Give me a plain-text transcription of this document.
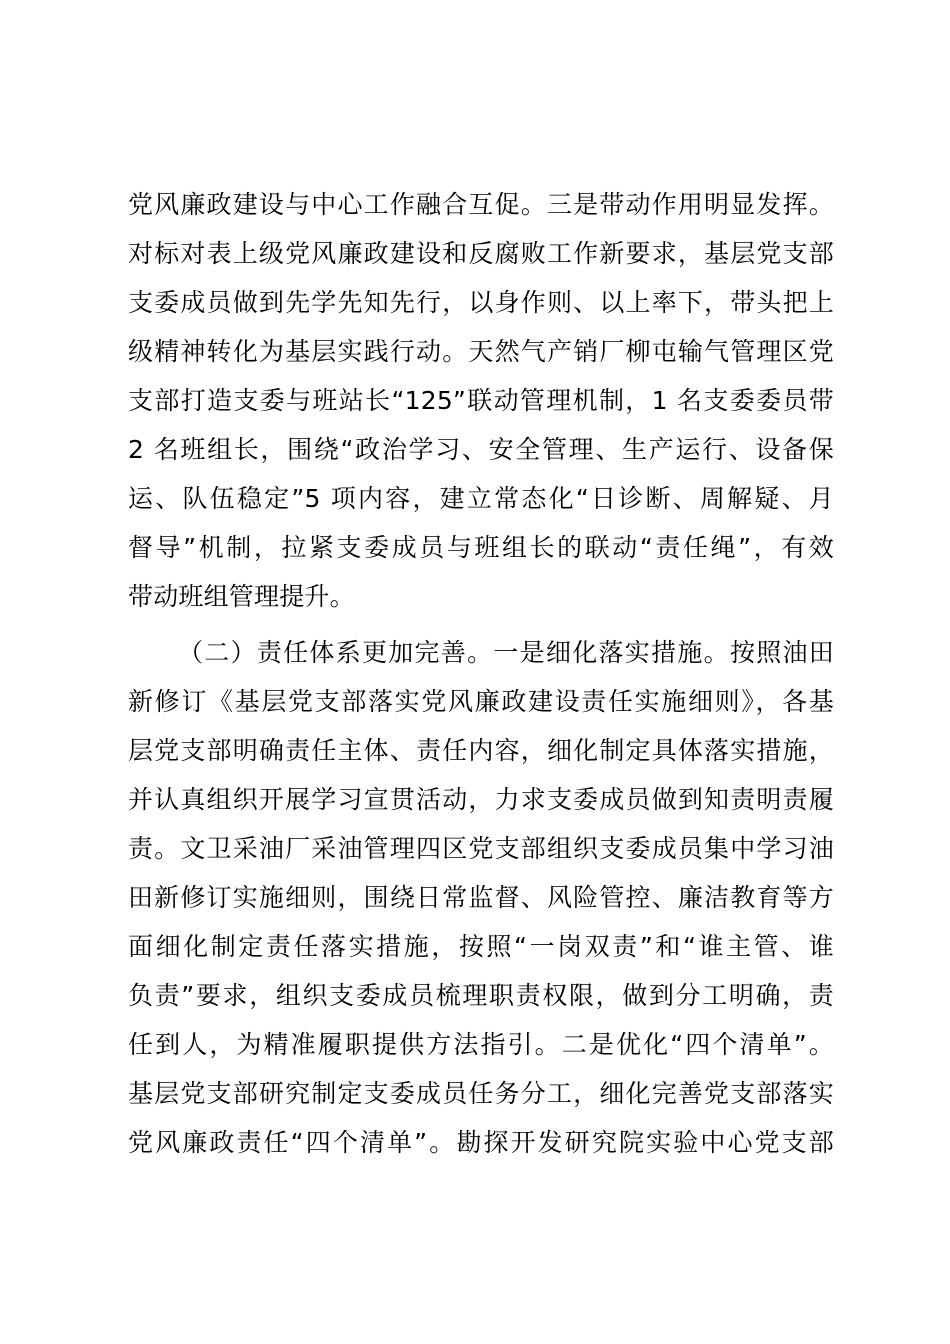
党风廉政建设与中心工作融合互促。三是带动作用明显发挥。
对标对表上级党风廉政建设和反腐败工作新要求，基层党支部
支委成员做到先学先知先行，以身作则、以上率下，带头把上
级精神转化为基层实践行动。天然气产销厂柳屯输气管理区党
支部打造支委与班站长“125”联动管理机制，1 名支委委员带
2 名班组长，围绕“政治学习、安全管理、生产运行、设备保
运、队伍稳定”5 项内容，建立常态化“日诊断、周解疑、月
督导”机制，拉紧支委成员与班组长的联动“责任绳”，有效
带动班组管理提升。
（二）责任体系更加完善。一是细化落实措施。按照油田
新修订《基层党支部落实党风廉政建设责任实施细则》，各基
层党支部明确责任主体、责任内容，细化制定具体落实措施，
并认真组织开展学习宣贯活动，力求支委成员做到知责明责履
责。文卫采油厂采油管理四区党支部组织支委成员集中学习油
田新修订实施细则，围绕日常监督、风险管控、廉洁教育等方
面细化制定责任落实措施，按照“一岗双责”和“谁主管、谁
负责”要求，组织支委成员梳理职责权限，做到分工明确，责
任到人，为精准履职提供方法指引。二是优化“四个清单”。
基层党支部研究制定支委成员任务分工，细化完善党支部落实
党风廉政责任“四个清单”。勘探开发研究院实验中心党支部
